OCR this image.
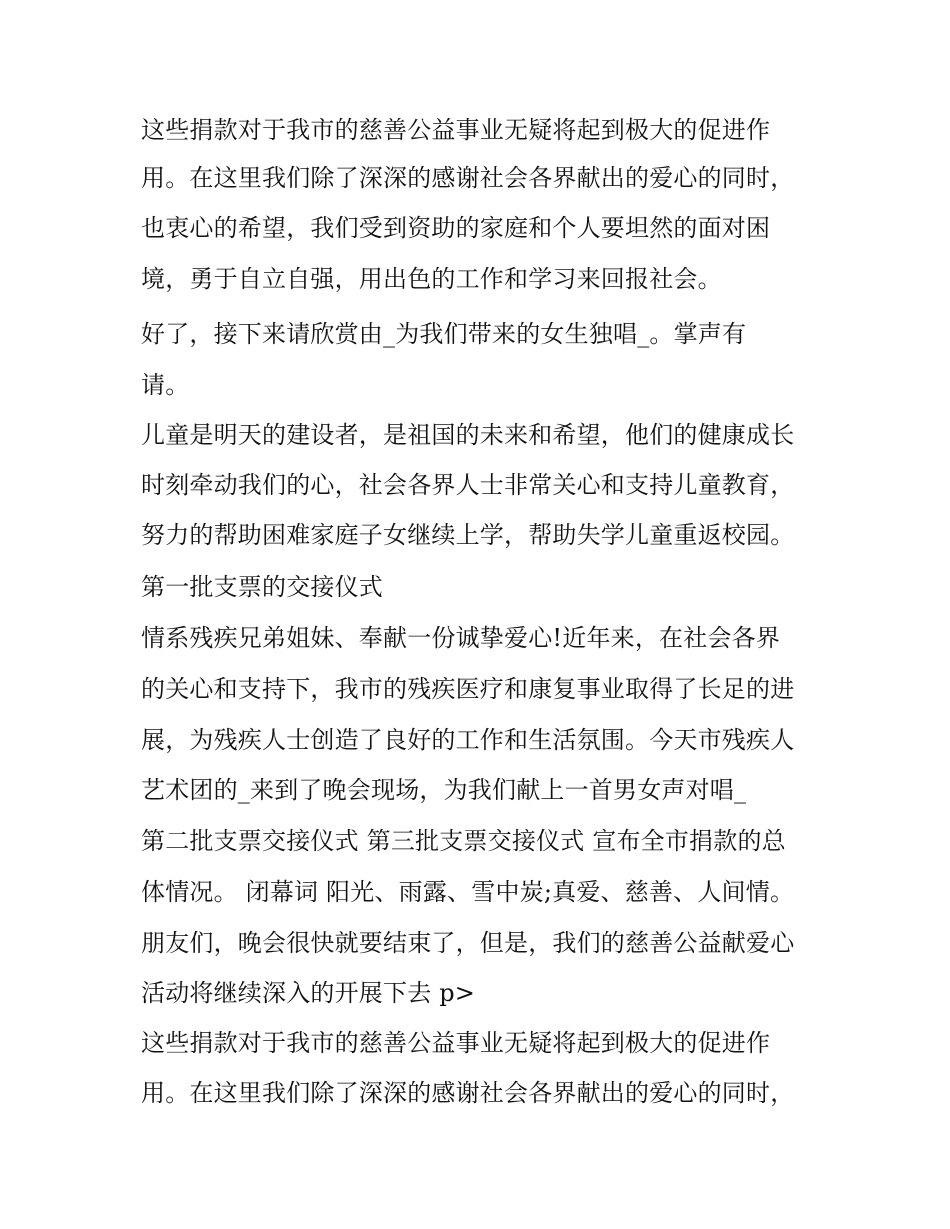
这些捐款对于我市的慈善公益事业无疑将起到极大的促进作
用。在这里我们除了深深的感谢社会各界献出的爱心的同时，
也衷心的希望，我们受到资助的家庭和个人要坦然的面对困
境，勇于自立自强，用出色的工作和学习来回报社会。
好了，接下来请欣赏由_为我们带来的女生独唱_。掌声有
请。
儿童是明天的建设者，是祖国的未来和希望，他们的健康成长
时刻牵动我们的心，社会各界人士非常关心和支持儿童教育，
努力的帮助困难家庭子女继续上学，帮助失学儿童重返校园。
第一批支票的交接仪式
情系残疾兄弟姐妹、奉献一份诚挚爱心!近年来，在社会各界
的关心和支持下，我市的残疾医疗和康复事业取得了长足的进
展，为残疾人士创造了良好的工作和生活氛围。今天市残疾人
艺术团的_来到了晚会现场，为我们献上一首男女声对唱_
第二批支票交接仪式 第三批支票交接仪式 宣布全市捐款的总
体情况。 闭幕词 阳光、雨露、雪中炭;真爱、慈善、人间情。
朋友们，晚会很快就要结束了，但是，我们的慈善公益献爱心
活动将继续深入的开展下去 p>
这些捐款对于我市的慈善公益事业无疑将起到极大的促进作
用。在这里我们除了深深的感谢社会各界献出的爱心的同时，
